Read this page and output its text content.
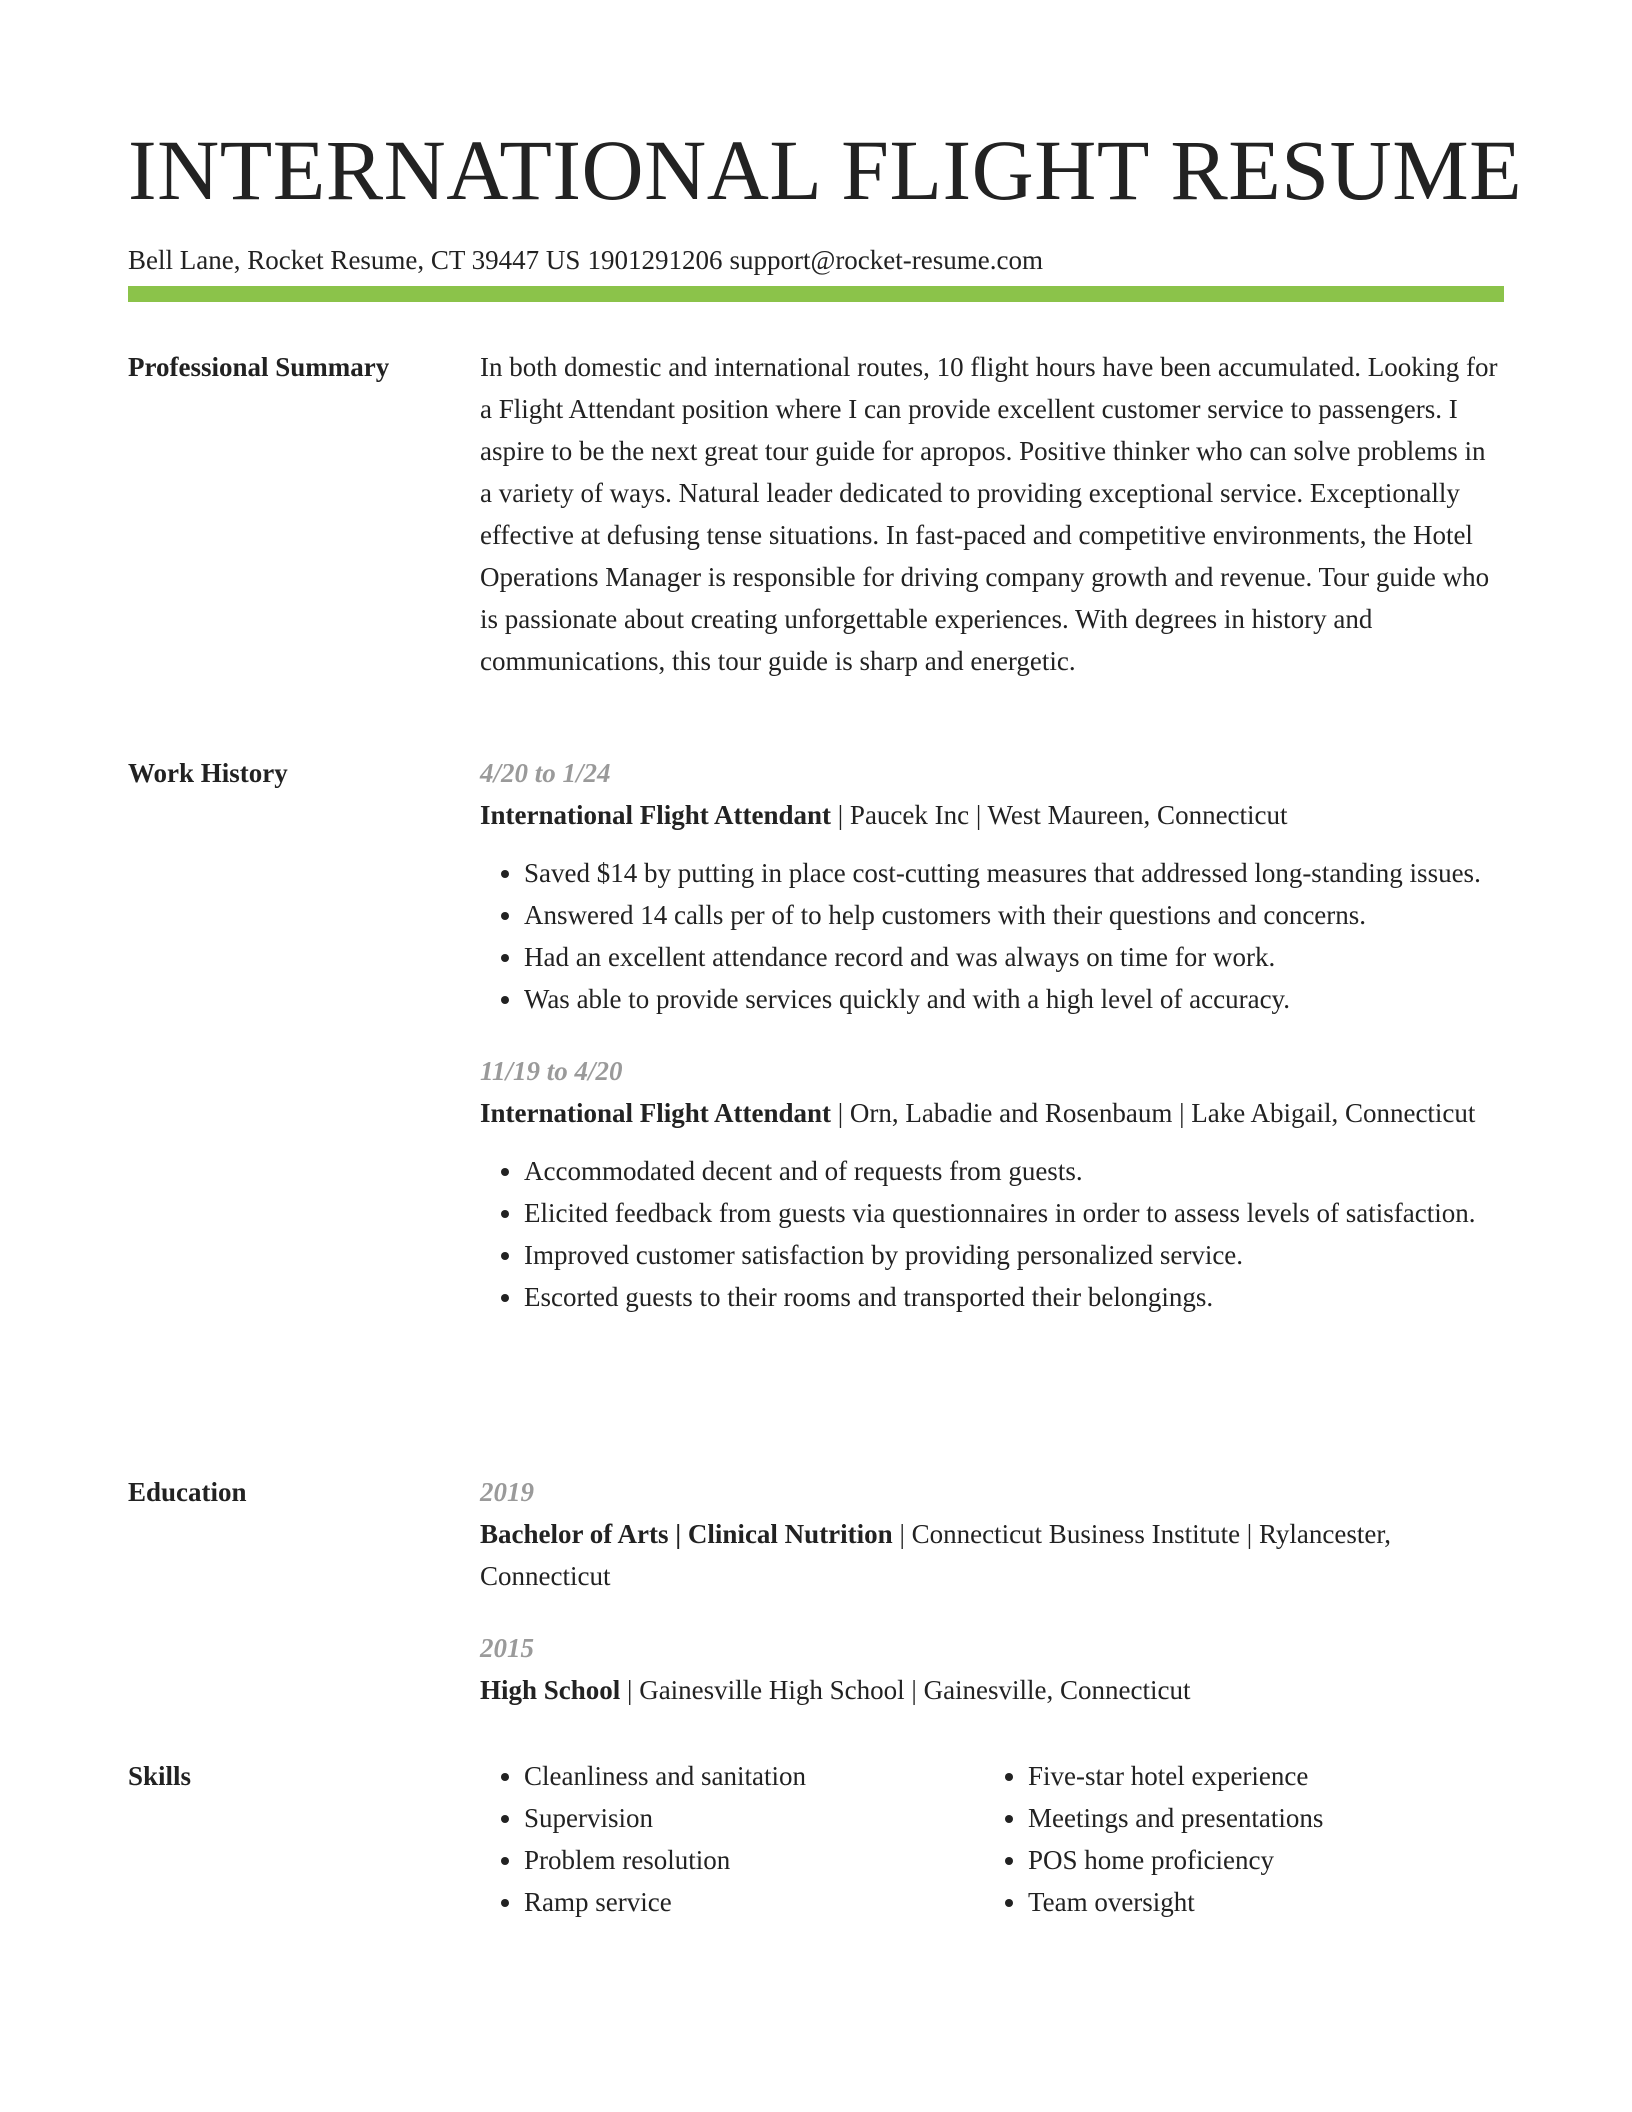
INTERNATIONAL FLIGHT RESUME
Bell Lane, Rocket Resume, CT 39447 US 1901291206 support@rocket-resume.com
Professional Summary	In both domestic and international routes, 10 flight hours have been accumulated. Looking for a Flight Attendant position where I can provide excellent customer service to passengers. I aspire to be the next great tour guide for apropos. Positive thinker who can solve problems in a variety of ways. Natural leader dedicated to providing exceptional service. Exceptionally effective at defusing tense situations. In fast-paced and competitive environments, the Hotel Operations Manager is responsible for driving company growth and revenue. Tour guide who is passionate about creating unforgettable experiences. With degrees in history and communications, this tour guide is sharp and energetic.

Work History	4/20 to 1/24
International Flight Attendant | Paucek Inc | West Maureen, Connecticut
• Saved $14 by putting in place cost-cutting measures that addressed long-standing issues.
• Answered 14 calls per of to help customers with their questions and concerns.
• Had an excellent attendance record and was always on time for work.
• Was able to provide services quickly and with a high level of accuracy.
11/19 to 4/20
International Flight Attendant | Orn, Labadie and Rosenbaum | Lake Abigail, Connecticut
• Accommodated decent and of requests from guests.
• Elicited feedback from guests via questionnaires in order to assess levels of satisfaction.
• Improved customer satisfaction by providing personalized service.
• Escorted guests to their rooms and transported their belongings.
Education	2019
Bachelor of Arts | Clinical Nutrition | Connecticut Business Institute | Rylancester, Connecticut
2015
High School | Gainesville High School | Gainesville, Connecticut
Skills
•	Cleanliness and sanitation
• Supervision
• Problem resolution
• Ramp service
• Five-star hotel experience
• Meetings and presentations
• POS home proficiency
• Team oversight
